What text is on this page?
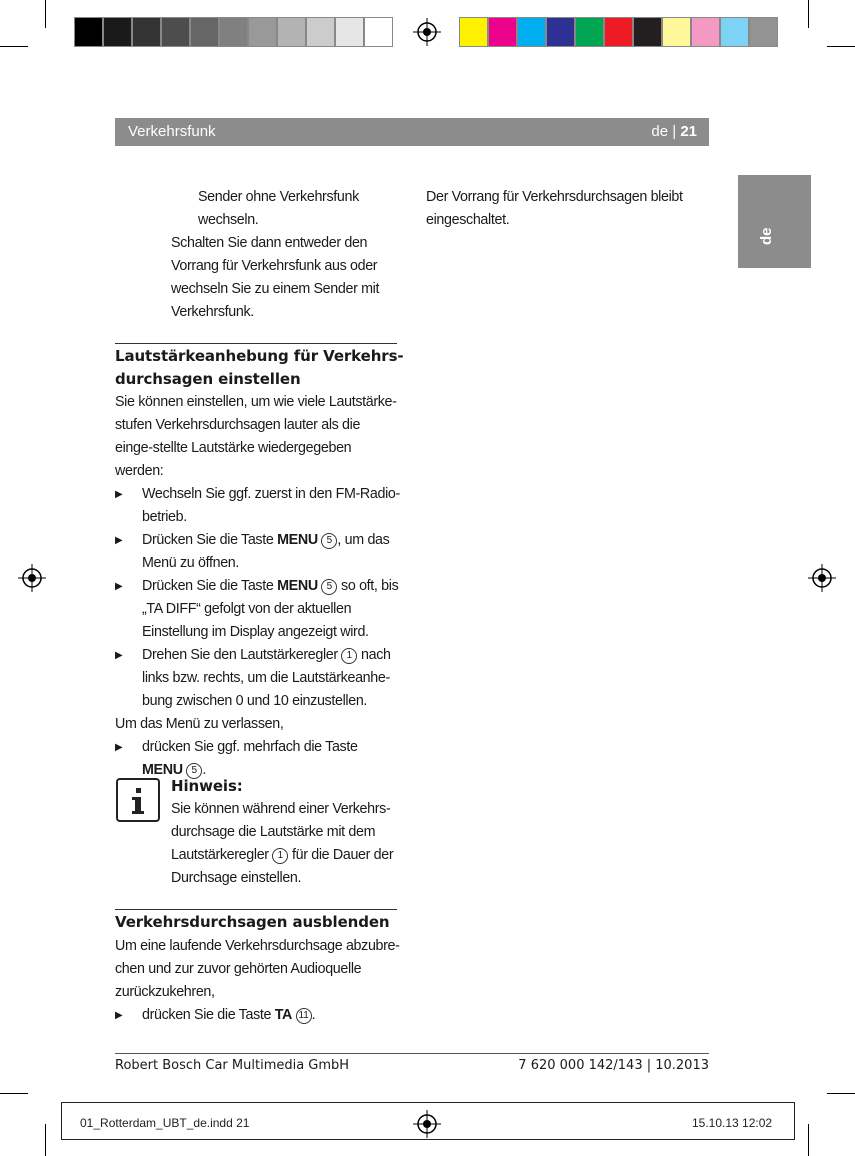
Verkehrsfunk	de | 21
de

Sender ohne Verkehrsfunk wechseln.

Schalten Sie dann entweder den Vorrang für Verkehrsfunk aus oder wechseln Sie zu einem Sender mit Verkehrsfunk.

Lautstärkeanhebung für Verkehrs-
durchsagen einstellen

Sie können einstellen, um wie viele Lautstärke-stufen Verkehrsdurchsagen lauter als die einge-stellte Lautstärke wiedergegeben werden:

▶ Wechseln Sie ggf. zuerst in den FM-Radio-betrieb.

▶ Drücken Sie die Taste MENU 5 , um das Menü zu öffnen.

▶ Drücken Sie die Taste MENU 5 so oft, bis „TA DIFF“ gefolgt von der aktuellen Einstellung im Display angezeigt wird.

▶ Drehen Sie den Lautstärkeregler 1 nach links bzw. rechts, um die Lautstärkeanhe-bung zwischen 0 und 10 einzustellen.

Um das Menü zu verlassen,

▶ drücken Sie ggf. mehrfach die Taste MENU 5 .

Hinweis:

Sie können während einer Verkehrs-durchsage die Lautstärke mit dem Lautstärkeregler 1 für die Dauer der Durchsage einstellen.

Verkehrsdurchsagen ausblenden

Um eine laufende Verkehrsdurchsage abzubre-chen und zur zuvor gehörten Audioquelle zurückzukehren,

▶ drücken Sie die Taste TA 11 .

Der Vorrang für Verkehrsdurchsagen bleibt eingeschaltet.

Robert Bosch Car Multimedia GmbH	7 620 000 142/143 | 10.2013
01_Rotterdam_UBT_de.indd 21	15.10.13 12:02
